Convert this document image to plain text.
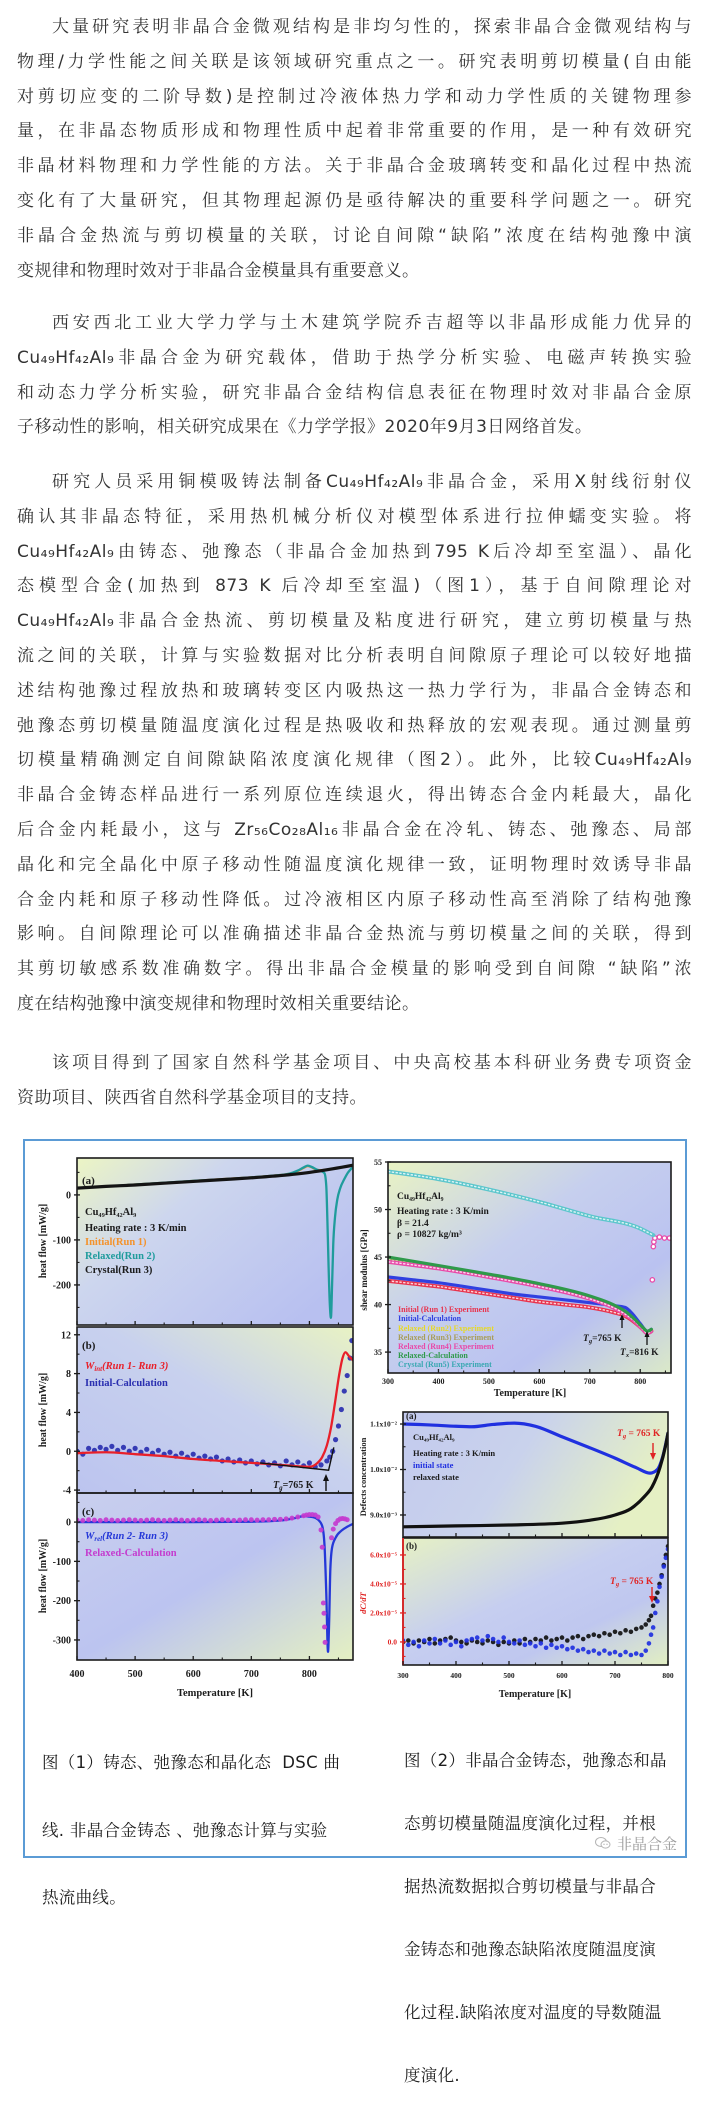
大量研究表明非晶合金微观结构是非均匀性的，探索非晶合金微观结构与
物理/力学性能之间关联是该领域研究重点之一。研究表明剪切模量(自由能
对剪切应变的二阶导数)是控制过冷液体热力学和动力学性质的关键物理参
量，在非晶态物质形成和物理性质中起着非常重要的作用，是一种有效研究
非晶材料物理和力学性能的方法。关于非晶合金玻璃转变和晶化过程中热流
变化有了大量研究，但其物理起源仍是亟待解决的重要科学问题之一。研究
非晶合金热流与剪切模量的关联，讨论自间隙“缺陷”浓度在结构弛豫中演
变规律和物理时效对于非晶合金模量具有重要意义。
西安西北工业大学力学与土木建筑学院乔吉超等以非晶形成能力优异的
Cu₄₉Hf₄₂Al₉非晶合金为研究载体，借助于热学分析实验、电磁声转换实验
和动态力学分析实验，研究非晶合金结构信息表征在物理时效对非晶合金原
子移动性的影响，相关研究成果在《力学学报》2020年9月3日网络首发。
研究人员采用铜模吸铸法制备Cu₄₉Hf₄₂Al₉非晶合金，采用X射线衍射仪
确认其非晶态特征，采用热机械分析仪对模型体系进行拉伸蠕变实验。将
Cu₄₉Hf₄₂Al₉由铸态、弛豫态（非晶合金加热到795 K后冷却至室温）、晶化
态模型合金(加热到 873 K 后冷却至室温)（图1），基于自间隙理论对
Cu₄₉Hf₄₂Al₉非晶合金热流、剪切模量及粘度进行研究，建立剪切模量与热
流之间的关联，计算与实验数据对比分析表明自间隙原子理论可以较好地描
述结构弛豫过程放热和玻璃转变区内吸热这一热力学行为，非晶合金铸态和
弛豫态剪切模量随温度演化过程是热吸收和热释放的宏观表现。通过测量剪
切模量精确测定自间隙缺陷浓度演化规律（图2）。此外，比较Cu₄₉Hf₄₂Al₉
非晶合金铸态样品进行一系列原位连续退火，得出铸态合金内耗最大，晶化
后合金内耗最小，这与 Zr₅₆Co₂₈Al₁₆非晶合金在冷轧、铸态、弛豫态、局部
晶化和完全晶化中原子移动性随温度演化规律一致，证明物理时效诱导非晶
合金内耗和原子移动性降低。过冷液相区内原子移动性高至消除了结构弛豫
影响。自间隙理论可以准确描述非晶合金热流与剪切模量之间的关联，得到
其剪切敏感系数准确数字。得出非晶合金模量的影响受到自间隙 “缺陷”浓
度在结构弛豫中演变规律和物理时效相关重要结论。
该项目得到了国家自然科学基金项目、中央高校基本科研业务费专项资金
资助项目、陕西省自然科学基金项目的支持。
0
-100
-200
12
8
4
0
-4
400	500	600	700	800
0
-100
-200
-300
300	400	500	600	700	800
55
50
45
40
35
1.1x10⁻²
1.0x10⁻²
9.0x10⁻³
300	400	500	600	700	800
6.0x10⁻⁵
4.0x10⁻⁵
2.0x10⁻⁵
0.0
(a)
Cu₄₉Hf₄₂Al₉
Heating rate : 3 K/min
Initial(Run 1)
Relaxed(Run 2)
Crystal(Run 3)
heat flow [mW/g]
(b)
Wint(Run 1- Run 3)
Initial-Calculation
$T_g=765$ K
heat flow [mW/g]
(c)
Wrel(Run 2- Run 3)
Relaxed-Calculation
heat flow [mW/g]
Temperature [K]
shear modulus [GPa]
Cu₄₉Hf₄₂Al₉
Heating rate : 3 K/min
β = 21.4
ρ = 10827 kg/m³
Initial (Run 1) Experiment
Initial-Calculation
Relaxed (Run2) Experiment
Relaxed (Run3) Experiment
Relaxed (Run4) Experiment
Relaxed-Calculation
Crystal (Run5) Experiment
$T_g=765$ K
$T_x=816$ K
Temperature [K]
(a)
Cu₄₉Hf₄₂Al₉
Heating rate : 3 K/min
initial state
relaxed state
$T_g = 765$ K
Defects concentration
(b)
$T_g = 765$ K
dC/dT
Temperature [K]

图（1）铸态、弛豫态和晶化态  DSC 曲

线. 非晶合金铸态 、弛豫态计算与实验

热流曲线。

图（2）非晶合金铸态，弛豫态和晶

态剪切模量随温度演化过程，并根

据热流数据拟合剪切模量与非晶合

金铸态和弛豫态缺陷浓度随温度演

化过程.缺陷浓度对温度的导数随温

度演化.

非晶合金
